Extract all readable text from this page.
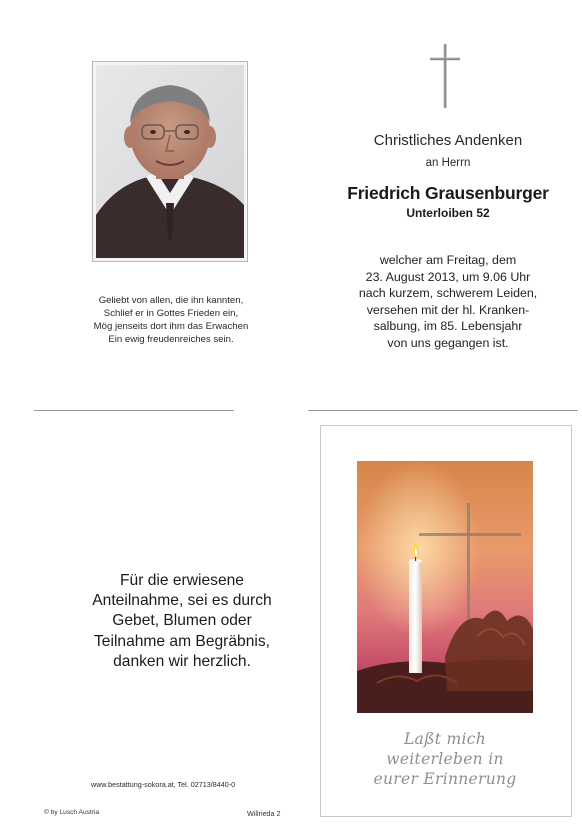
Geliebt von allen, die ihn kannten,
Schlief er in Gottes Frieden ein,
Mög jenseits dort ihm das Erwachen
Ein ewig freudenreiches sein.
Christliches Andenken
an Herrn
Friedrich Grausenburger
Unterloiben 52
welcher am Freitag, dem
23. August 2013, um 9.06 Uhr
nach kurzem, schwerem Leiden,
versehen mit der hl. Kranken-
salbung, im 85. Lebensjahr
von uns gegangen ist.
Für die erwiesene
Anteilnahme, sei es durch
Gebet, Blumen oder
Teilnahme am Begräbnis,
danken wir herzlich.
www.bestattung-sokora.at, Tel. 02713/8440-0
© by Lusch Austria	Willrieda 2
Laßt mich
weiterleben in
eurer Erinnerung
